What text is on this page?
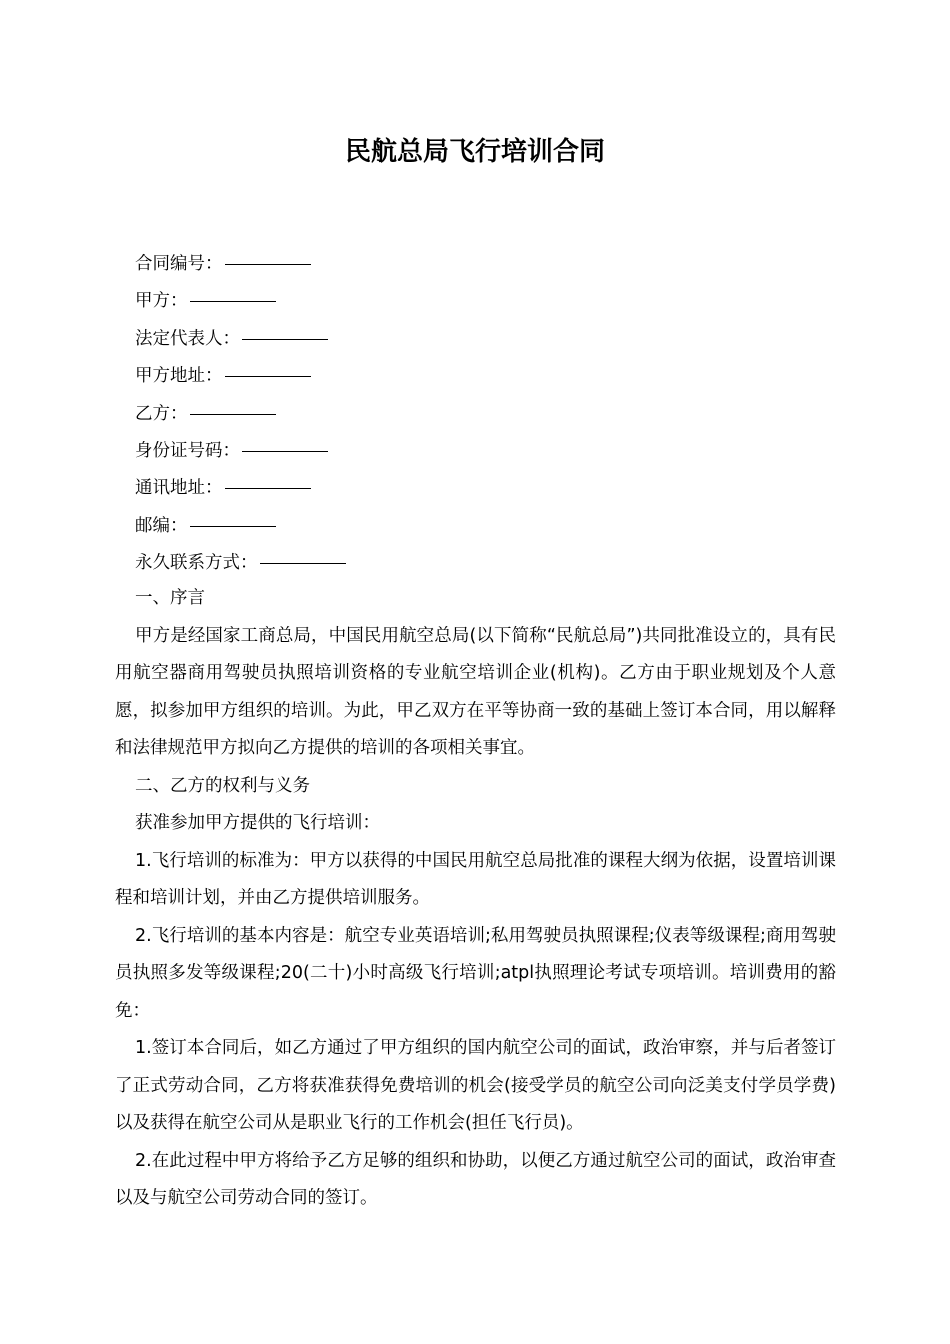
民航总局飞行培训合同
合同编号：
甲方：
法定代表人：
甲方地址：
乙方：
身份证号码：
通讯地址：
邮编：
永久联系方式：

一、序言

甲方是经国家工商总局，中国民用航空总局(以下简称“民航总局”)共同批准设立的，具有民用航空器商用驾驶员执照培训资格的专业航空培训企业(机构)。乙方由于职业规划及个人意愿，拟参加甲方组织的培训。为此，甲乙双方在平等协商一致的基础上签订本合同，用以解释和法律规范甲方拟向乙方提供的培训的各项相关事宜。

二、乙方的权利与义务

获准参加甲方提供的飞行培训：

1.飞行培训的标准为：甲方以获得的中国民用航空总局批准的课程大纲为依据，设置培训课程和培训计划，并由乙方提供培训服务。

2.飞行培训的基本内容是：航空专业英语培训;私用驾驶员执照课程;仪表等级课程;商用驾驶员执照多发等级课程;20(二十)小时高级飞行培训;atpl执照理论考试专项培训。培训费用的豁免：

1.签订本合同后，如乙方通过了甲方组织的国内航空公司的面试，政治审察，并与后者签订了正式劳动合同，乙方将获准获得免费培训的机会(接受学员的航空公司向泛美支付学员学费)以及获得在航空公司从是职业飞行的工作机会(担任飞行员)。

2.在此过程中甲方将给予乙方足够的组织和协助，以便乙方通过航空公司的面试，政治审查以及与航空公司劳动合同的签订。
